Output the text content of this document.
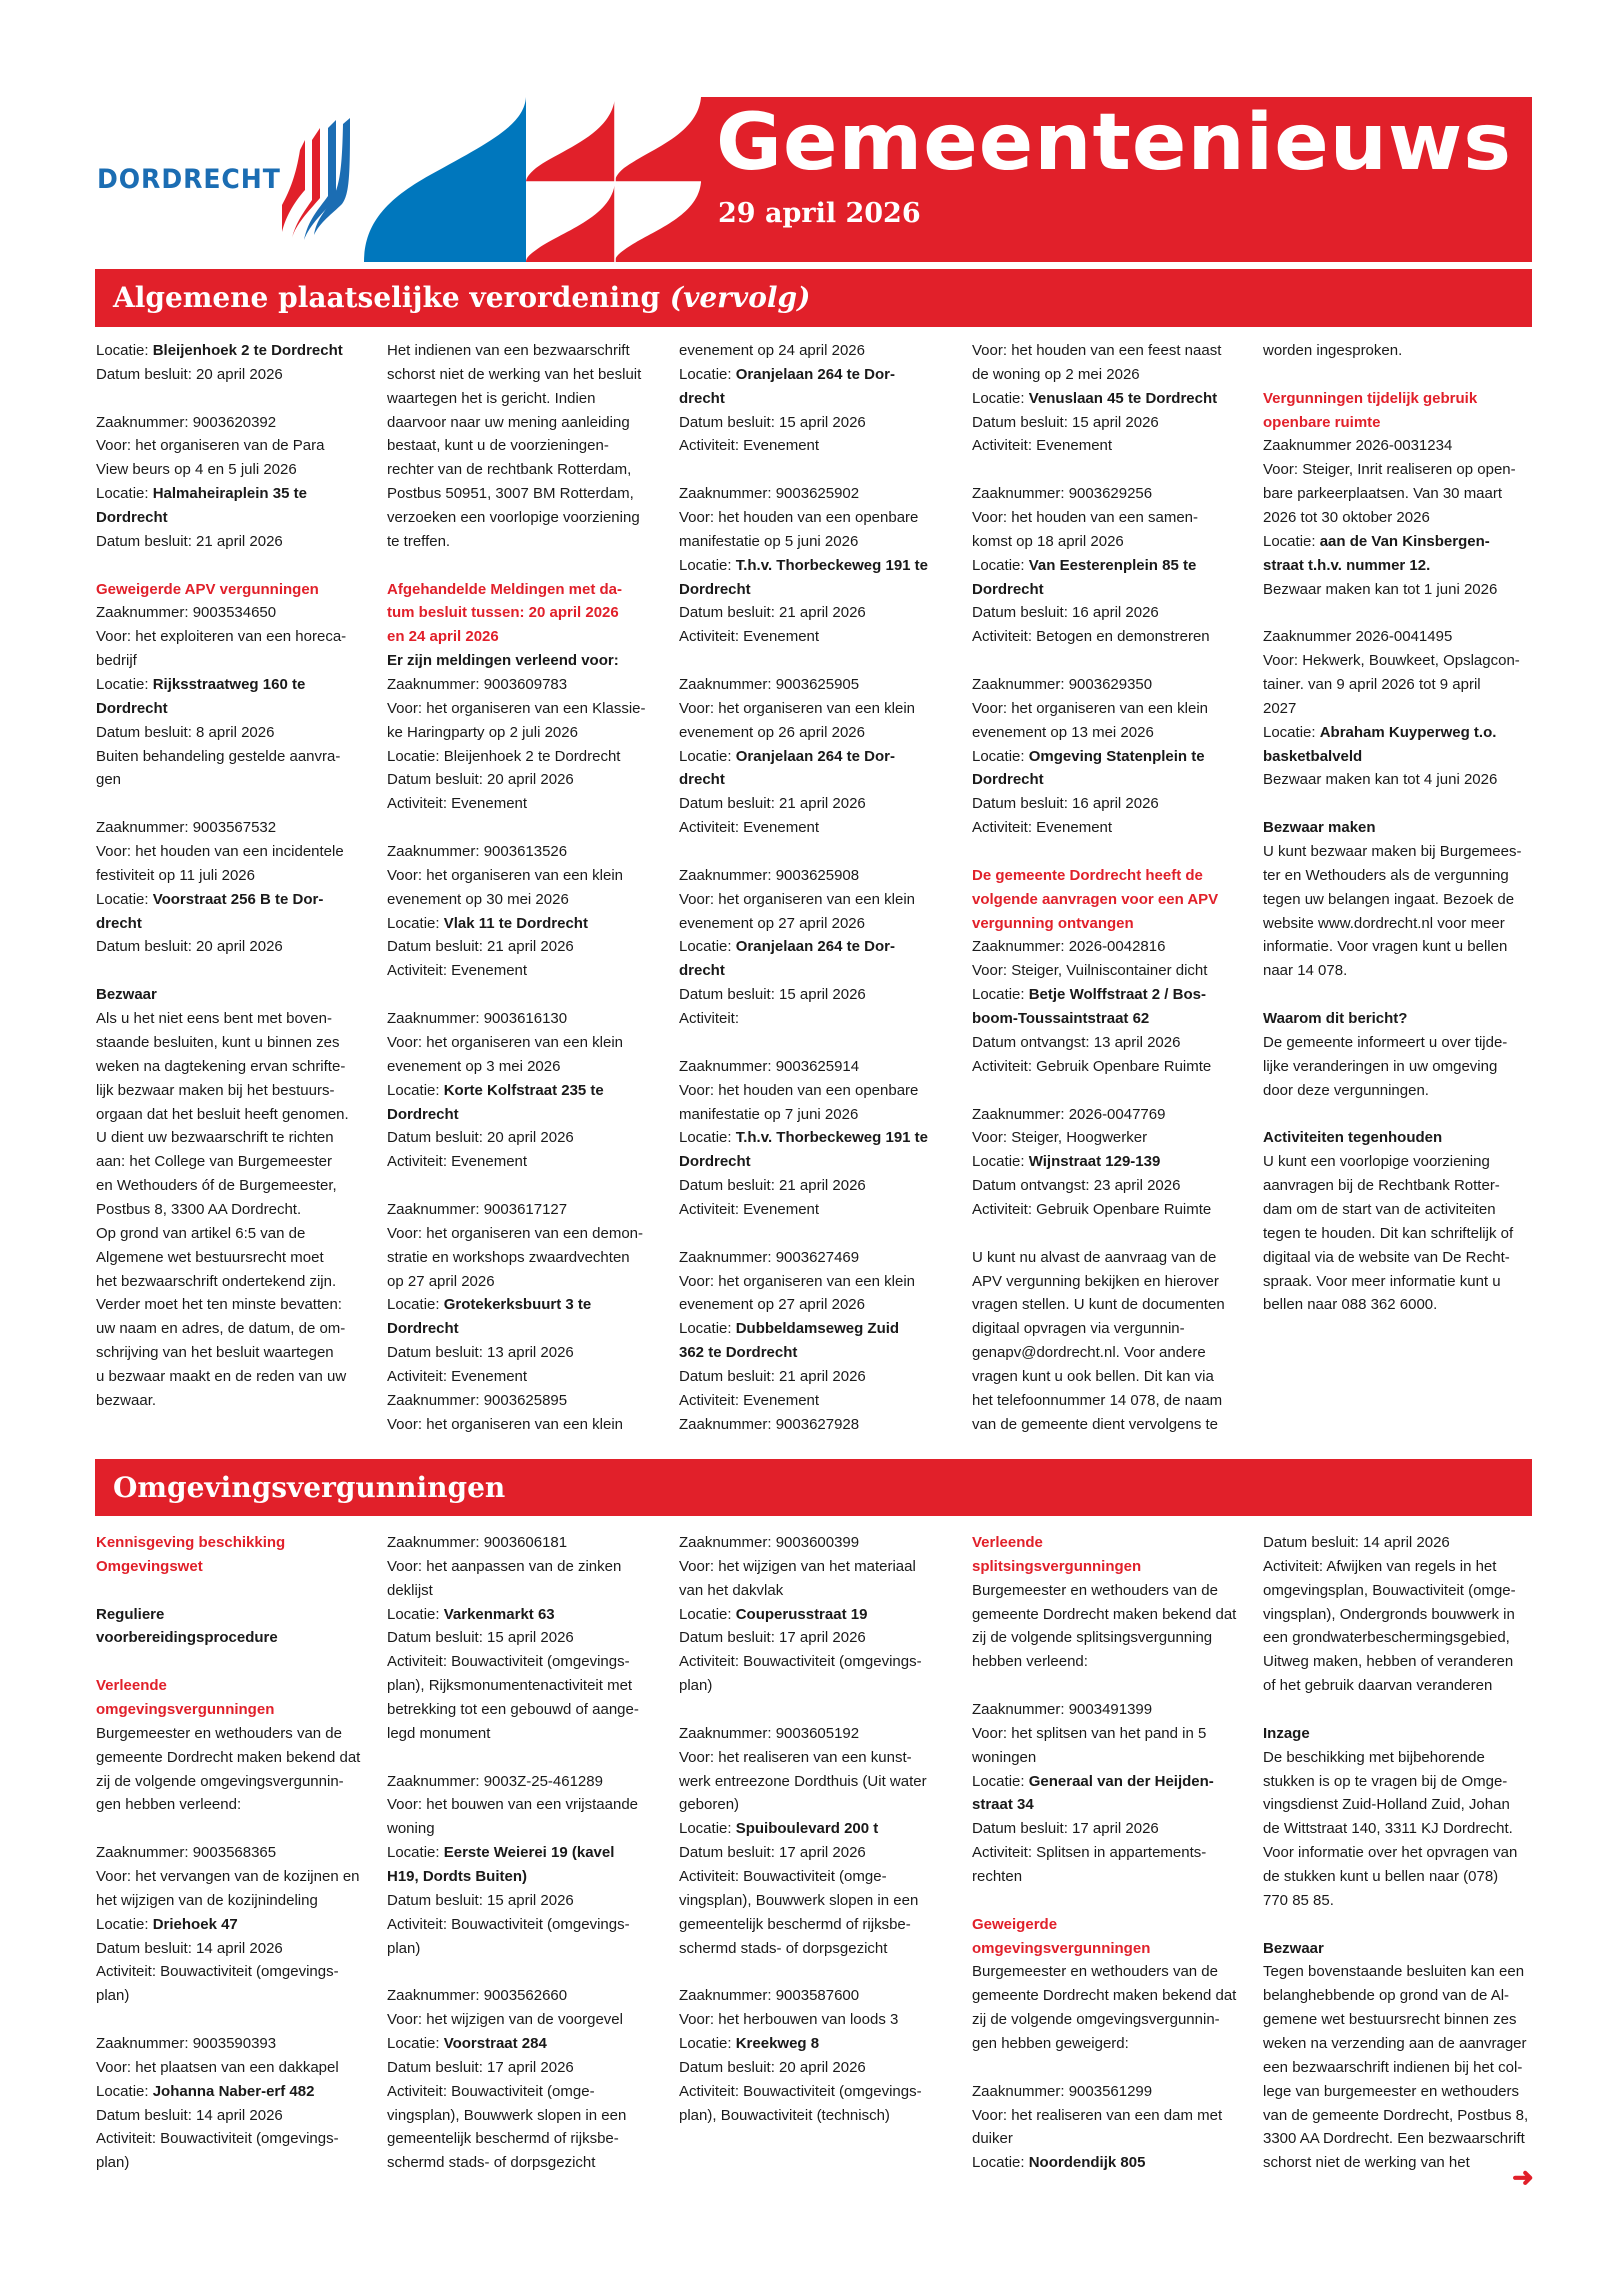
DORDRECHT	Gemeentenieuws
29 april 2026
5
Algemene plaatselijke verordening (vervolg)
Omgevingsvergunningen
Locatie: Bleijenhoek 2 te Dordrecht
Datum besluit: 20 april 2026

Zaaknummer: 9003620392
Voor: het organiseren van de Para
View beurs op 4 en 5 juli 2026
Locatie: Halmaheiraplein 35 te
Dordrecht
Datum besluit: 21 april 2026

Geweigerde APV vergunningen
Zaaknummer: 9003534650
Voor: het exploiteren van een horeca-
bedrijf
Locatie: Rijksstraatweg 160 te
Dordrecht
Datum besluit: 8 april 2026
Buiten behandeling gestelde aanvra-
gen

Zaaknummer: 9003567532
Voor: het houden van een incidentele
festiviteit op 11 juli 2026
Locatie: Voorstraat 256 B te Dor-
drecht
Datum besluit: 20 april 2026

Bezwaar
Als u het niet eens bent met boven-
staande besluiten, kunt u binnen zes
weken na dagtekening ervan schrifte-
lijk bezwaar maken bij het bestuurs-
orgaan dat het besluit heeft genomen.
U dient uw bezwaarschrift te richten
aan: het College van Burgemeester
en Wethouders óf de Burgemeester,
Postbus 8, 3300 AA Dordrecht.
Op grond van artikel 6:5 van de
Algemene wet bestuursrecht moet
het bezwaarschrift ondertekend zijn.
Verder moet het ten minste bevatten:
uw naam en adres, de datum, de om-
schrijving van het besluit waartegen
u bezwaar maakt en de reden van uw
bezwaar.
Het indienen van een bezwaarschrift
schorst niet de werking van het besluit
waartegen het is gericht. Indien
daarvoor naar uw mening aanleiding
bestaat, kunt u de voorzieningen-
rechter van de rechtbank Rotterdam,
Postbus 50951, 3007 BM Rotterdam,
verzoeken een voorlopige voorziening
te treffen.

Afgehandelde Meldingen met da-
tum besluit tussen: 20 april 2026
en 24 april 2026
Er zijn meldingen verleend voor:
Zaaknummer: 9003609783
Voor: het organiseren van een Klassie-
ke Haringparty op 2 juli 2026
Locatie: Bleijenhoek 2 te Dordrecht
Datum besluit: 20 april 2026
Activiteit: Evenement

Zaaknummer: 9003613526
Voor: het organiseren van een klein
evenement op 30 mei 2026
Locatie: Vlak 11 te Dordrecht
Datum besluit: 21 april 2026
Activiteit: Evenement

Zaaknummer: 9003616130
Voor: het organiseren van een klein
evenement op 3 mei 2026
Locatie: Korte Kolfstraat 235 te
Dordrecht
Datum besluit: 20 april 2026
Activiteit: Evenement

Zaaknummer: 9003617127
Voor: het organiseren van een demon-
stratie en workshops zwaardvechten
op 27 april 2026
Locatie: Grotekerksbuurt 3 te
Dordrecht
Datum besluit: 13 april 2026
Activiteit: Evenement
Zaaknummer: 9003625895
Voor: het organiseren van een klein
evenement op 24 april 2026
Locatie: Oranjelaan 264 te Dor-
drecht
Datum besluit: 15 april 2026
Activiteit: Evenement

Zaaknummer: 9003625902
Voor: het houden van een openbare
manifestatie op 5 juni 2026
Locatie: T.h.v. Thorbeckeweg 191 te
Dordrecht
Datum besluit: 21 april 2026
Activiteit: Evenement

Zaaknummer: 9003625905
Voor: het organiseren van een klein
evenement op 26 april 2026
Locatie: Oranjelaan 264 te Dor-
drecht
Datum besluit: 21 april 2026
Activiteit: Evenement

Zaaknummer: 9003625908
Voor: het organiseren van een klein
evenement op 27 april 2026
Locatie: Oranjelaan 264 te Dor-
drecht
Datum besluit: 15 april 2026
Activiteit:

Zaaknummer: 9003625914
Voor: het houden van een openbare
manifestatie op 7 juni 2026
Locatie: T.h.v. Thorbeckeweg 191 te
Dordrecht
Datum besluit: 21 april 2026
Activiteit: Evenement

Zaaknummer: 9003627469
Voor: het organiseren van een klein
evenement op 27 april 2026
Locatie: Dubbeldamseweg Zuid
362 te Dordrecht
Datum besluit: 21 april 2026
Activiteit: Evenement
Zaaknummer: 9003627928
Voor: het houden van een feest naast
de woning op 2 mei 2026
Locatie: Venuslaan 45 te Dordrecht
Datum besluit: 15 april 2026
Activiteit: Evenement

Zaaknummer: 9003629256
Voor: het houden van een samen-
komst op 18 april 2026
Locatie: Van Eesterenplein 85 te
Dordrecht
Datum besluit: 16 april 2026
Activiteit: Betogen en demonstreren

Zaaknummer: 9003629350
Voor: het organiseren van een klein
evenement op 13 mei 2026
Locatie: Omgeving Statenplein te
Dordrecht
Datum besluit: 16 april 2026
Activiteit: Evenement

De gemeente Dordrecht heeft de
volgende aanvragen voor een APV
vergunning ontvangen
Zaaknummer: 2026-0042816
Voor: Steiger, Vuilniscontainer dicht
Locatie: Betje Wolffstraat 2 / Bos-
boom-Toussaintstraat 62
Datum ontvangst: 13 april 2026
Activiteit: Gebruik Openbare Ruimte

Zaaknummer: 2026-0047769
Voor: Steiger, Hoogwerker
Locatie: Wijnstraat 129-139
Datum ontvangst: 23 april 2026
Activiteit: Gebruik Openbare Ruimte

U kunt nu alvast de aanvraag van de
APV vergunning bekijken en hierover
vragen stellen. U kunt de documenten
digitaal opvragen via vergunnin-
genapv@dordrecht.nl. Voor andere
vragen kunt u ook bellen. Dit kan via
het telefoonnummer 14 078, de naam
van de gemeente dient vervolgens te
worden ingesproken.

Vergunningen tijdelijk gebruik
openbare ruimte
Zaaknummer 2026-0031234
Voor: Steiger, Inrit realiseren op open-
bare parkeerplaatsen. Van 30 maart
2026 tot 30 oktober 2026
Locatie: aan de Van Kinsbergen-
straat t.h.v. nummer 12.
Bezwaar maken kan tot 1 juni 2026

Zaaknummer 2026-0041495
Voor: Hekwerk, Bouwkeet, Opslagcon-
tainer. van 9 april 2026 tot 9 april
2027
Locatie: Abraham Kuyperweg t.o.
basketbalveld
Bezwaar maken kan tot 4 juni 2026

Bezwaar maken
U kunt bezwaar maken bij Burgemees-
ter en Wethouders als de vergunning
tegen uw belangen ingaat. Bezoek de
website www.dordrecht.nl voor meer
informatie. Voor vragen kunt u bellen
naar 14 078.

Waarom dit bericht?
De gemeente informeert u over tijde-
lijke veranderingen in uw omgeving
door deze vergunningen.

Activiteiten tegenhouden
U kunt een voorlopige voorziening
aanvragen bij de Rechtbank Rotter-
dam om de start van de activiteiten
tegen te houden. Dit kan schriftelijk of
digitaal via de website van De Recht-
spraak. Voor meer informatie kunt u
bellen naar 088 362 6000.
Kennisgeving beschikking
Omgevingswet

Reguliere
voorbereidingsprocedure

Verleende
omgevingsvergunningen
Burgemeester en wethouders van de
gemeente Dordrecht maken bekend dat
zij de volgende omgevingsvergunnin-
gen hebben verleend:

Zaaknummer: 9003568365
Voor: het vervangen van de kozijnen en
het wijzigen van de kozijnindeling
Locatie: Driehoek 47
Datum besluit: 14 april 2026
Activiteit: Bouwactiviteit (omgevings-
plan)

Zaaknummer: 9003590393
Voor: het plaatsen van een dakkapel
Locatie: Johanna Naber-erf 482
Datum besluit: 14 april 2026
Activiteit: Bouwactiviteit (omgevings-
plan)
Zaaknummer: 9003606181
Voor: het aanpassen van de zinken
deklijst
Locatie: Varkenmarkt 63
Datum besluit: 15 april 2026
Activiteit: Bouwactiviteit (omgevings-
plan), Rijksmonumentenactiviteit met
betrekking tot een gebouwd of aange-
legd monument

Zaaknummer: 9003Z-25-461289
Voor: het bouwen van een vrijstaande
woning
Locatie: Eerste Weierei 19 (kavel
H19, Dordts Buiten)
Datum besluit: 15 april 2026
Activiteit: Bouwactiviteit (omgevings-
plan)

Zaaknummer: 9003562660
Voor: het wijzigen van de voorgevel
Locatie: Voorstraat 284
Datum besluit: 17 april 2026
Activiteit: Bouwactiviteit (omge-
vingsplan), Bouwwerk slopen in een
gemeentelijk beschermd of rijksbe-
schermd stads- of dorpsgezicht
Zaaknummer: 9003600399
Voor: het wijzigen van het materiaal
van het dakvlak
Locatie: Couperusstraat 19
Datum besluit: 17 april 2026
Activiteit: Bouwactiviteit (omgevings-
plan)

Zaaknummer: 9003605192
Voor: het realiseren van een kunst-
werk entreezone Dordthuis (Uit water
geboren)
Locatie: Spuiboulevard 200 t
Datum besluit: 17 april 2026
Activiteit: Bouwactiviteit (omge-
vingsplan), Bouwwerk slopen in een
gemeentelijk beschermd of rijksbe-
schermd stads- of dorpsgezicht

Zaaknummer: 9003587600
Voor: het herbouwen van loods 3
Locatie: Kreekweg 8
Datum besluit: 20 april 2026
Activiteit: Bouwactiviteit (omgevings-
plan), Bouwactiviteit (technisch)
Verleende
splitsingsvergunningen
Burgemeester en wethouders van de
gemeente Dordrecht maken bekend dat
zij de volgende splitsingsvergunning
hebben verleend:

Zaaknummer: 9003491399
Voor: het splitsen van het pand in 5
woningen
Locatie: Generaal van der Heijden-
straat 34
Datum besluit: 17 april 2026
Activiteit: Splitsen in appartements-
rechten

Geweigerde
omgevingsvergunningen
Burgemeester en wethouders van de
gemeente Dordrecht maken bekend dat
zij de volgende omgevingsvergunnin-
gen hebben geweigerd:

Zaaknummer: 9003561299
Voor: het realiseren van een dam met
duiker
Locatie: Noordendijk 805
Datum besluit: 14 april 2026
Activiteit: Afwijken van regels in het
omgevingsplan, Bouwactiviteit (omge-
vingsplan), Ondergronds bouwwerk in
een grondwaterbeschermingsgebied,
Uitweg maken, hebben of veranderen
of het gebruik daarvan veranderen

Inzage
De beschikking met bijbehorende
stukken is op te vragen bij de Omge-
vingsdienst Zuid-Holland Zuid, Johan
de Wittstraat 140, 3311 KJ Dordrecht.
Voor informatie over het opvragen van
de stukken kunt u bellen naar (078)
770 85 85.

Bezwaar
Tegen bovenstaande besluiten kan een
belanghebbende op grond van de Al-
gemene wet bestuursrecht binnen zes
weken na verzending aan de aanvrager
een bezwaarschrift indienen bij het col-
lege van burgemeester en wethouders
van de gemeente Dordrecht, Postbus 8,
3300 AA Dordrecht. Een bezwaarschrift
schorst niet de werking van het	➜
